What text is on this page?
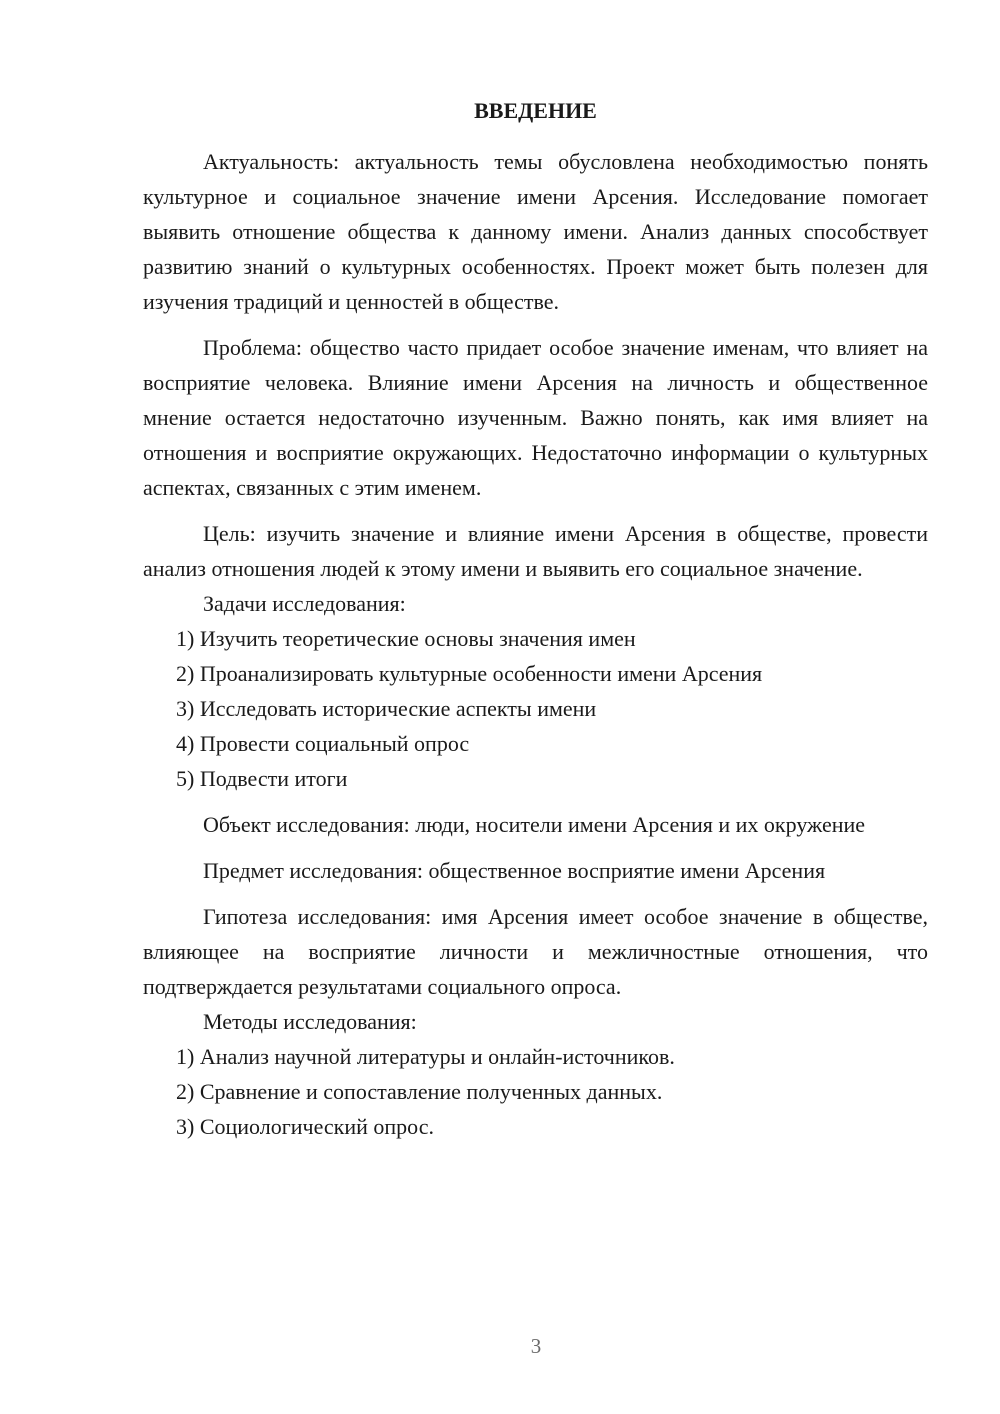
ВВЕДЕНИЕ

Актуальность: актуальность темы обусловлена необходимостью понять культурное и социальное значение имени Арсения. Исследование помогает выявить отношение общества к данному имени. Анализ данных способствует развитию знаний о культурных особенностях. Проект может быть полезен для изучения традиций и ценностей в обществе.

Проблема: общество часто придает особое значение именам, что влияет на восприятие человека. Влияние имени Арсения на личность и общественное мнение остается недостаточно изученным. Важно понять, как имя влияет на отношения и восприятие окружающих. Недостаточно информации о культурных аспектах, связанных с этим именем.

Цель: изучить значение и влияние имени Арсения в обществе, провести анализ отношения людей к этому имени и выявить его социальное значение.

Задачи исследования:

1) Изучить теоретические основы значения имен

2) Проанализировать культурные особенности имени Арсения

3) Исследовать исторические аспекты имени

4) Провести социальный опрос

5) Подвести итоги

Объект исследования: люди, носители имени Арсения и их окружение

Предмет исследования: общественное восприятие имени Арсения

Гипотеза исследования: имя Арсения имеет особое значение в обществе, влияющее на восприятие личности и межличностные отношения, что подтверждается результатами социального опроса.

Методы исследования:

1) Анализ научной литературы и онлайн-источников.

2) Сравнение и сопоставление полученных данных.

3) Социологический опрос.

3
